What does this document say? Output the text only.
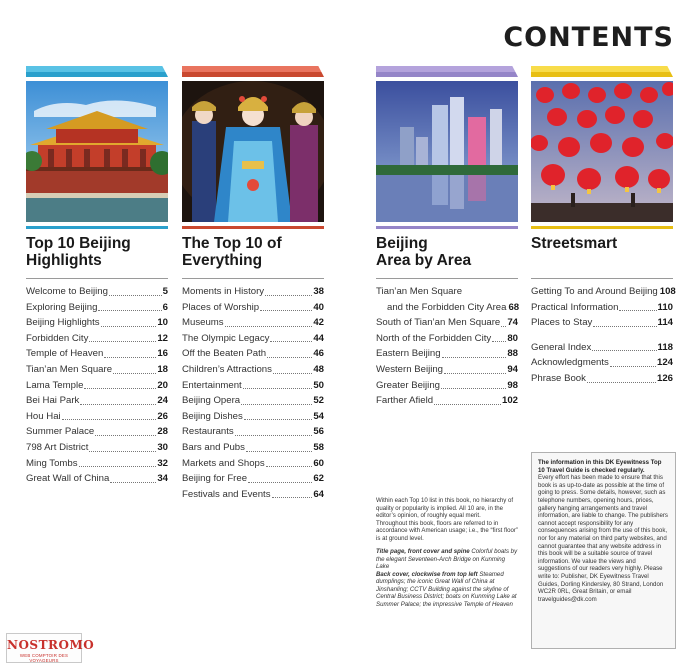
CONTENTS
Top 10 Beijing
Highlights
Welcome to Beijing	5
Exploring Beijing	6
Beijing Highlights	10
Forbidden City	12
Temple of Heaven	16
Tian’an Men Square	18
Lama Temple	20
Bei Hai Park	24
Hou Hai	26
Summer Palace	28
798 Art District	30
Ming Tombs	32
Great Wall of China	34
The Top 10 of
Everything
Moments in History	38
Places of Worship	40
Museums	42
The Olympic Legacy	44
Off the Beaten Path	46
Children’s Attractions	48
Entertainment	50
Beijing Opera	52
Beijing Dishes	54
Restaurants	56
Bars and Pubs	58
Markets and Shops	60
Beijing for Free	62
Festivals and Events	64
Beijing
Area by Area
Tian’an Men Square
and the Forbidden City Area 68
South of Tian’an Men Square 74
North of the Forbidden City 80
Eastern Beijing	88
Western Beijing	94
Greater Beijing	98
Farther Afield	102
Streetsmart
Getting To and Around Beijing 108
Practical Information	110
Places to Stay	114
General Index	118
Acknowledgments	124
Phrase Book	126

Within each Top 10 list in this book, no hierarchy of quality or popularity is implied. All 10 are, in the editor’s opinion, of roughly equal merit.
Throughout this book, floors are referred to in accordance with American usage; i.e., the “first floor” is at ground level.

Title page, front cover and spine Colorful boats by the elegant Seventeen-Arch Bridge on Kunming Lake
Back cover, clockwise from top left Steamed dumplings; the iconic Great Wall of China at Jinshanling; CCTV Building against the skyline of Central Business District; boats on Kunming Lake at Summer Palace; the impressive Temple of Heaven

The information in this DK Eyewitness Top 10 Travel Guide is checked regularly.
Every effort has been made to ensure that this book is as up-to-date as possible at the time of going to press. Some details, however, such as telephone numbers, opening hours, prices, gallery hanging arrangements and travel information, are liable to change. The publishers cannot accept responsibility for any consequences arising from the use of this book, nor for any material on third party websites, and cannot guarantee that any website address in this book will be a suitable source of travel information. We value the views and suggestions of our readers very highly. Please write to: Publisher, DK Eyewitness Travel Guides, Dorling Kindersley, 80 Strand, London WC2R 0RL, Great Britain, or email travelguides@dk.com
NOSTROMO
WEB COMPTOIR DES VOYAGEURS
